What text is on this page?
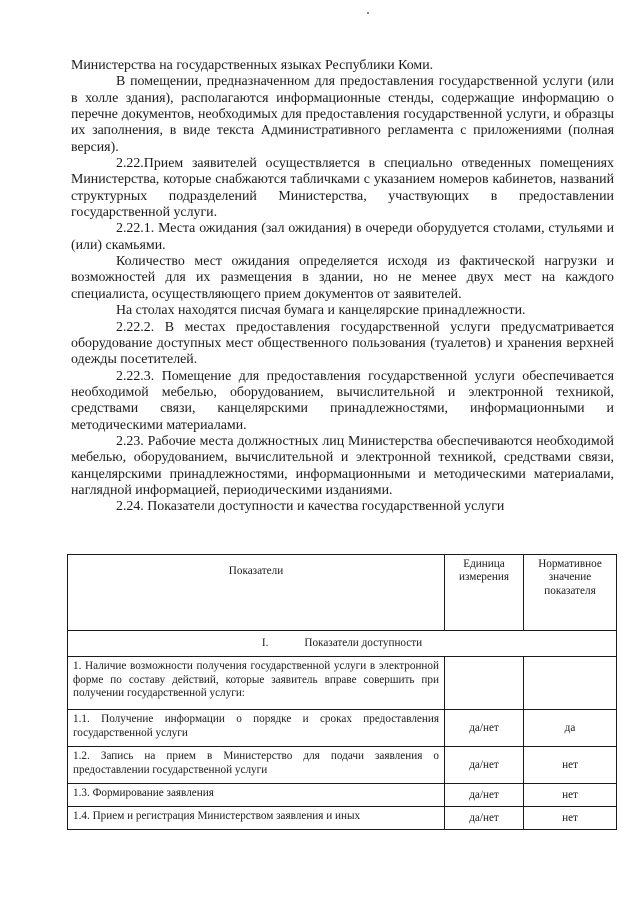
Министерства на государственных языках Республики Коми.

В помещении, предназначенном для предоставления государственной услуги (или в холле здания), располагаются информационные стенды, содержащие информацию о перечне документов, необходимых для предоставления государственной услуги, и образцы их заполнения, в виде текста Административного регламента с приложениями (полная версия).

2.22.Прием заявителей осуществляется в специально отведенных помещениях Министерства, которые снабжаются табличками с указанием номеров кабинетов, названий структурных подразделений Министерства, участвующих в предоставлении государственной услуги.

2.22.1. Места ожидания (зал ожидания) в очереди оборудуется столами, стульями и (или) скамьями.

Количество мест ожидания определяется исходя из фактической нагрузки и возможностей для их размещения в здании, но не менее двух мест на каждого специалиста, осуществляющего прием документов от заявителей.

На столах находятся писчая бумага и канцелярские принадлежности.

2.22.2. В местах предоставления государственной услуги предусматривается оборудование доступных мест общественного пользования (туалетов) и хранения верхней одежды посетителей.

2.22.3. Помещение для предоставления государственной услуги обеспечивается необходимой мебелью, оборудованием, вычислительной и электронной техникой, средствами связи, канцелярскими принадлежностями, информационными и методическими материалами.

2.23. Рабочие места должностных лиц Министерства обеспечиваются необходимой мебелью, оборудованием, вычислительной и электронной техникой, средствами связи, канцелярскими принадлежностями, информационными и методическими материалами, наглядной информацией, периодическими изданиями.

2.24. Показатели доступности и качества государственной услуги

Показатели	Единица измерения	Нормативное значение показателя
I. Показатели доступности		
1. Наличие возможности получения государственной услуги в электронной форме по составу действий, которые заявитель вправе совершить при получении государственной услуги:		
1.1. Получение информации о порядке и сроках предоставления государственной услуги	да/нет	да
1.2. Запись на прием в Министерство для подачи заявления о предоставлении государственной услуги	да/нет	нет
1.3. Формирование заявления	да/нет	нет
1.4. Прием и регистрация Министерством заявления и иных	да/нет	нет
